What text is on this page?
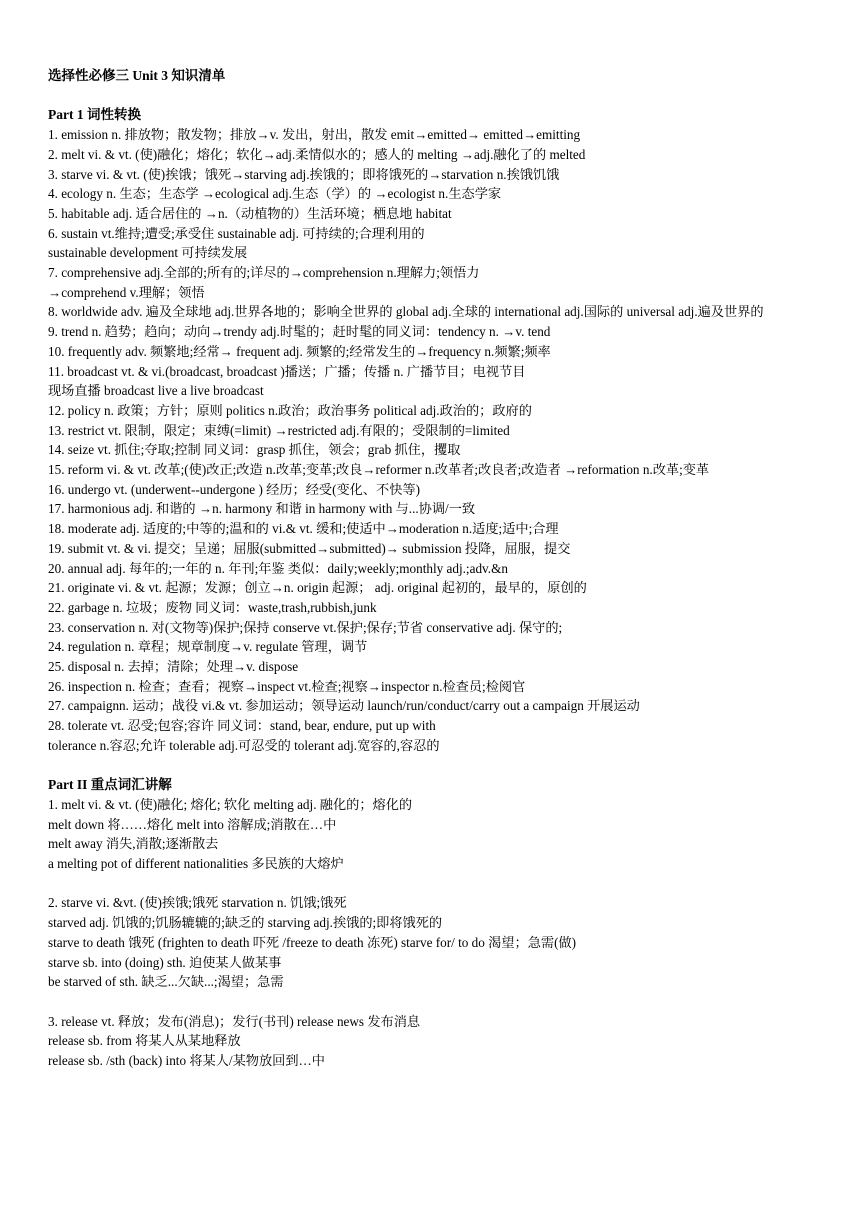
选择性必修三 Unit 3 知识清单
Part 1 词性转换
1. emission n. 排放物；散发物；排放→v. 发出，射出，散发 emit→emitted→ emitted→emitting
2. melt vi. & vt. (使)融化；熔化；软化→adj.柔情似水的；感人的 melting →adj.融化了的 melted
3. starve vi. & vt. (使)挨饿；饿死→starving adj.挨饿的；即将饿死的→starvation n.挨饿饥饿
4. ecology n. 生态；生态学 →ecological adj.生态（学）的 →ecologist n.生态学家
5. habitable adj. 适合居住的 →n.（动植物的）生活环境；栖息地 habitat
6. sustain vt.维持;遭受;承受住 sustainable adj. 可持续的;合理利用的
sustainable development 可持续发展
7. comprehensive adj.全部的;所有的;详尽的→comprehension n.理解力;领悟力
→comprehend v.理解；领悟
8. worldwide adv. 遍及全球地 adj.世界各地的；影响全世界的 global adj.全球的 international adj.国际的 universal adj.遍及世界的
9. trend n. 趋势；趋向；动向→trendy adj.时髦的；赶时髦的同义词：tendency n. →v. tend
10. frequently adv. 频繁地;经常→ frequent adj. 频繁的;经常发生的→frequency n.频繁;频率
11. broadcast vt. & vi.(broadcast, broadcast )播送；广播；传播 n. 广播节目；电视节目
现场直播 broadcast live a live broadcast
12. policy n. 政策；方针；原则 politics n.政治；政治事务 political adj.政治的；政府的
13. restrict vt. 限制，限定；束缚(=limit) →restricted adj.有限的；受限制的=limited
14. seize vt. 抓住;夺取;控制 同义词：grasp 抓住，领会；grab 抓住，攫取
15. reform vi. & vt. 改革;(使)改正;改造 n.改革;变革;改良→reformer n.改革者;改良者;改造者 →reformation n.改革;变革
16. undergo vt. (underwent--undergone ) 经历；经受(变化、不快等)
17. harmonious adj. 和谐的 →n. harmony 和谐 in harmony with 与...协调/一致
18. moderate adj. 适度的;中等的;温和的 vi.& vt. 缓和;使适中→moderation n.适度;适中;合理
19. submit vt. & vi. 提交；呈递；屈服(submitted→submitted)→ submission 投降，屈服，提交
20. annual adj. 每年的;一年的 n. 年刊;年鉴 类似：daily;weekly;monthly adj.;adv.&n
21. originate vi. & vt. 起源；发源；创立→n. origin 起源； adj. original 起初的，最早的，原创的
22. garbage n. 垃圾；废物 同义词：waste,trash,rubbish,junk
23. conservation n. 对(文物等)保护;保持 conserve vt.保护;保存;节省 conservative adj. 保守的;
24. regulation n. 章程；规章制度→v. regulate 管理，调节
25. disposal n. 去掉；清除；处理→v. dispose
26. inspection n. 检查；查看；视察→inspect vt.检查;视察→inspector n.检查员;检阅官
27. campaignn. 运动；战役 vi.& vt. 参加运动；领导运动 launch/run/conduct/carry out a campaign 开展运动
28. tolerate vt. 忍受;包容;容许 同义词：stand, bear, endure, put up with
tolerance n.容忍;允许 tolerable adj.可忍受的 tolerant adj.宽容的,容忍的
Part II 重点词汇讲解
1. melt vi. & vt. (使)融化; 熔化; 软化 melting adj. 融化的；熔化的
melt down 将……熔化 melt into 溶解成;消散在…中
melt away 消失,消散;逐渐散去
a melting pot of different nationalities 多民族的大熔炉
2. starve vi. &vt. (使)挨饿;饿死 starvation n. 饥饿;饿死
starved adj. 饥饿的;饥肠辘辘的;缺乏的 starving adj.挨饿的;即将饿死的
starve to death 饿死 (frighten to death 吓死 /freeze to death 冻死) starve for/ to do 渴望；急需(做)
starve sb. into (doing) sth. 迫使某人做某事
be starved of sth. 缺乏...欠缺...;渴望；急需
3. release vt. 释放；发布(消息)；发行(书刊) release news 发布消息
release sb. from 将某人从某地释放
release sb. /sth (back) into 将某人/某物放回到…中
